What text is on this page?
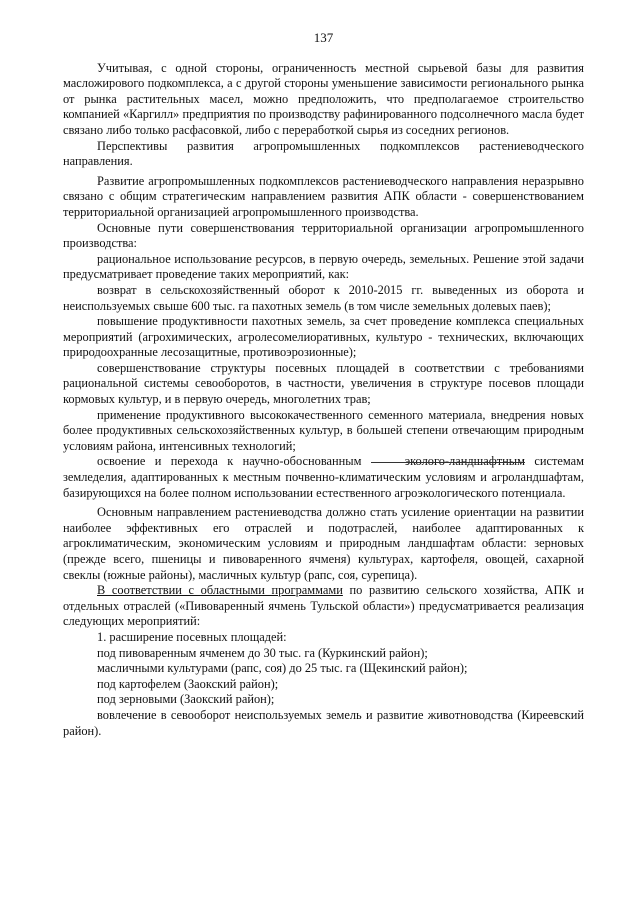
137

Учитывая, с одной стороны, ограниченность местной сырьевой базы для развития масложирового подкомплекса, а с другой стороны уменьшение зависимости регионального рынка от рынка растительных масел, можно предположить, что предполагаемое строительство компанией «Каргилл» предприятия по производству рафинированного подсолнечного масла будет связано либо только расфасовкой, либо с переработкой сырья из соседних регионов.

Перспективы развития агропромышленных подкомплексов растениеводческого направления.

Развитие агропромышленных подкомплексов растениеводческого направления неразрывно связано с общим стратегическим направлением развития АПК области - совершенствованием территориальной организацией агропромышленного производства.

Основные пути совершенствования территориальной организации агропромышленного производства:

рациональное использование ресурсов, в первую очередь, земельных. Решение этой задачи предусматривает проведение таких мероприятий, как:

возврат в сельскохозяйственный оборот к 2010-2015 гг. выведенных из оборота и неиспользуемых свыше 600 тыс. га пахотных земель (в том числе земельных долевых паев);

повышение продуктивности пахотных земель, за счет проведение комплекса специальных мероприятий (агрохимических, агролесомелиоративных, культуро - технических, включающих природоохранные лесозащитные, противоэрозионные);

совершенствование структуры посевных площадей в соответствии с требованиями рациональной системы севооборотов, в частности, увеличения в структуре посевов площади кормовых культур, и в первую очередь, многолетних трав;

применение продуктивного высококачественного семенного материала, внедрения новых более продуктивных сельскохозяйственных культур, в большей степени отвечающим природным условиям района, интенсивных технологий;

освоение и перехода к научно-обоснованным	эколого-ландшафтным системам земледелия, адаптированных к местным почвенно-климатическим условиям и агроландшафтам, базирующихся на более полном использовании естественного агроэкологического потенциала.

Основным направлением растениеводства должно стать усиление ориентации на развитии наиболее эффективных его отраслей и подотраслей, наиболее адаптированных к агроклиматическим, экономическим условиям и природным ландшафтам области: зерновых (прежде всего, пшеницы и пивоваренного ячменя) культурах, картофеля, овощей, сахарной свеклы (южные районы), масличных культур (рапс, соя, сурепица).

В соответствии с областными программами по развитию сельского хозяйства, АПК и отдельных отраслей («Пивоваренный ячмень Тульской области») предусматривается реализация следующих мероприятий:

1. расширение посевных площадей:

под пивоваренным ячменем до 30 тыс. га (Куркинский район);

масличными культурами (рапс, соя) до 25 тыс. га (Щекинский район);

под картофелем (Заокский район);

под зерновыми (Заокский район);

вовлечение в севооборот неиспользуемых земель и развитие животноводства (Киреевский район).
